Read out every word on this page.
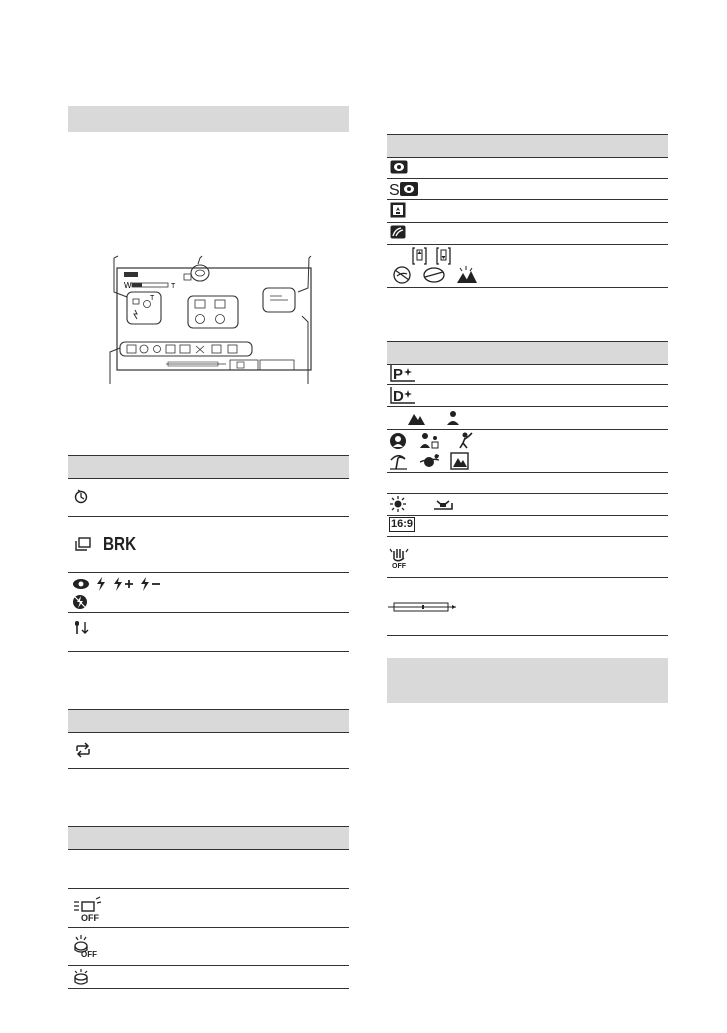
W	T
T
BRK
OFF
OFF
S
P
D
16:9
OFF
